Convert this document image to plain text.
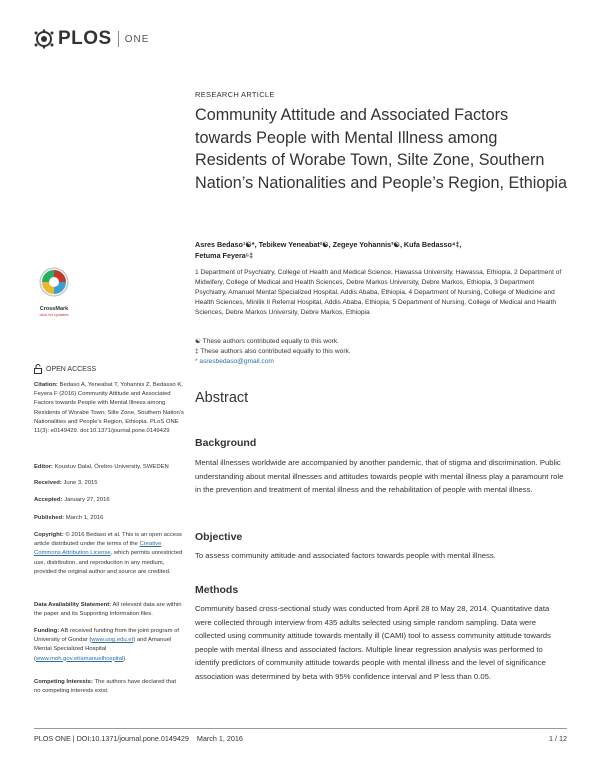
PLOS ONE
RESEARCH ARTICLE
Community Attitude and Associated Factors towards People with Mental Illness among Residents of Worabe Town, Silte Zone, Southern Nation’s Nationalities and People’s Region, Ethiopia
Asres Bedaso¹☯*, Tebikew Yeneabat²☯, Zegeye Yohannis³☯, Kufa Bedasso⁴‡,
Fetuma Feyera⁵‡
1 Department of Psychiatry, College of Health and Medical Science, Hawassa University, Hawassa, Ethiopia, 2 Department of Midwifery, College of Medical and Health Sciences, Debre Markos University, Debre Markos, Ethiopia, 3 Department Psychiatry, Amanuel Mental Specialized Hospital, Addis Ababa, Ethiopia, 4 Department of Nursing, College of Medicine and Health Sciences, Minilik II Referral Hospital, Addis Ababa, Ethiopia, 5 Department of Nursing, College of Medical and Health Sciences, Debre Markos University, Debre Markos, Ethiopia
☯ These authors contributed equally to this work.
‡ These authors also contributed equally to this work.
* asresbedaso@gmail.com
Abstract
Background
Mental illnesses worldwide are accompanied by another pandemic, that of stigma and discrimination. Public understanding about mental illnesses and attitudes towards people with mental illness play a paramount role in the prevention and treatment of mental illness and the rehabilitation of people with mental illness.
Objective
To assess community attitude and associated factors towards people with mental illness.
Methods
Community based cross-sectional study was conducted from April 28 to May 28, 2014. Quantitative data were collected through interview from 435 adults selected using simple random sampling. Data were collected using community attitude towards mentally ill (CAMI) tool to assess community attitude towards people with mental illness and associated factors. Multiple linear regression analysis was performed to identify predictors of community attitude towards people with mental illness and the level of significance association was determined by beta with 95% confidence interval and P less than 0.05.
CrossMark
click for updates
OPEN ACCESS
Citation: Bedaso A, Yeneabat T, Yohannis Z, Bedasso K, Feyera F (2016) Community Attitude and Associated Factors towards People with Mental Illness among Residents of Worabe Town, Silte Zone, Southern Nation’s Nationalities and People’s Region, Ethiopia. PLoS ONE 11(3): e0149429. doi:10.1371/journal.pone.0149429
Editor: Koustuv Dalal, Örebro University, SWEDEN
Received: June 3, 2015
Accepted: January 27, 2016
Published: March 1, 2016
Copyright: © 2016 Bedaso et al. This is an open access article distributed under the terms of the Creative Commons Attribution License, which permits unrestricted use, distribution, and reproduction in any medium, provided the original author and source are credited.
Data Availability Statement: All relevant data are within the paper and its Supporting Information files.
Funding: AB received funding from the joint program of University of Gondar (www.uog.edu.et) and Amanuel Mental Specialized Hospital (www.moh.gov.et/amanuelhospital).
Competing Interests: The authors have declared that no competing interests exist.
PLOS ONE | DOI:10.1371/journal.pone.0149429    March 1, 2016	1 / 12
